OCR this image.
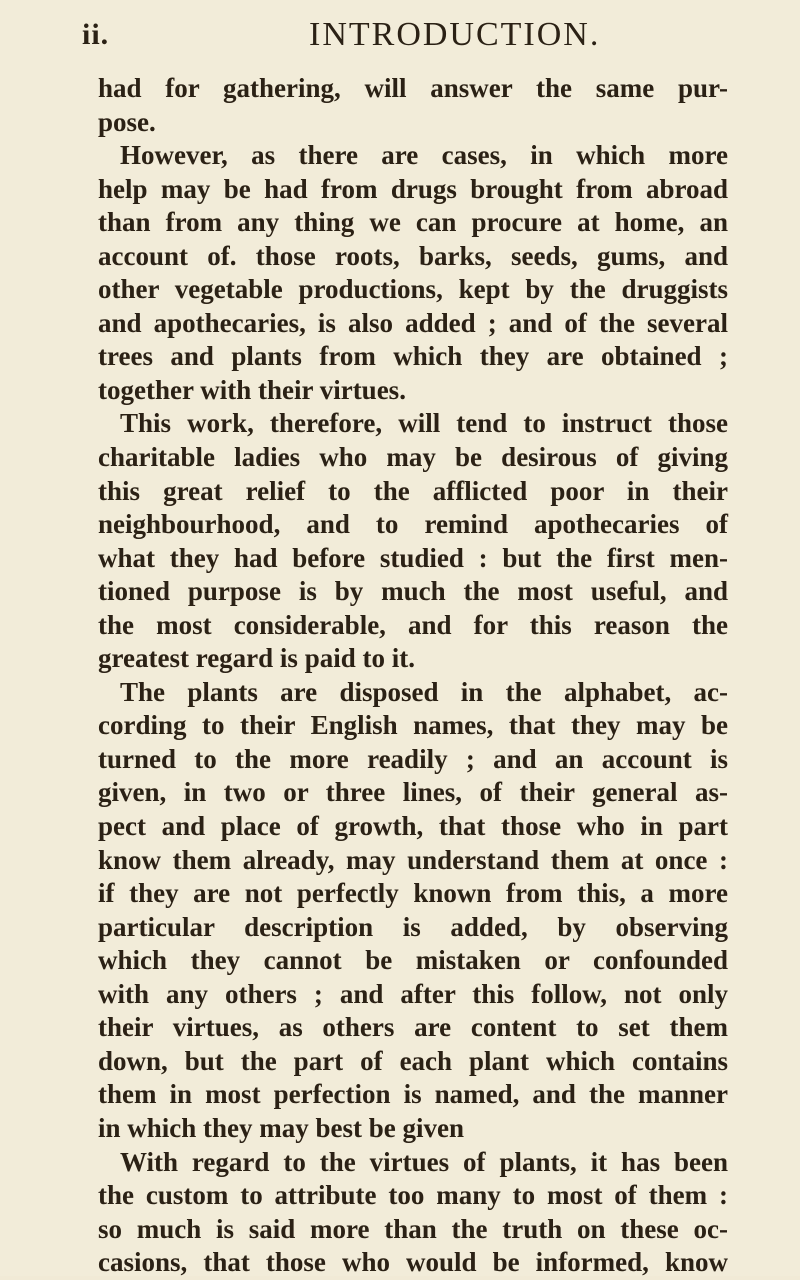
ii.	INTRODUCTION.
had for gathering, will answer the same pur-
pose.
However, as there are cases, in which more
help may be had from drugs brought from abroad
than from any thing we can procure at home, an
account of. those roots, barks, seeds, gums, and
other vegetable productions, kept by the druggists
and apothecaries, is also added ; and of the several
trees and plants from which they are obtained ;
together with their virtues.
This work, therefore, will tend to instruct those
charitable ladies who may be desirous of giving
this great relief to the afflicted poor in their
neighbourhood, and to remind apothecaries of
what they had before studied : but the first men-
tioned purpose is by much the most useful, and
the most considerable, and for this reason the
greatest regard is paid to it.
The plants are disposed in the alphabet, ac-
cording to their English names, that they may be
turned to the more readily ; and an account is
given, in two or three lines, of their general as-
pect and place of growth, that those who in part
know them already, may understand them at once :
if they are not perfectly known from this, a more
particular description is added, by observing
which they cannot be mistaken or confounded
with any others ; and after this follow, not only
their virtues, as others are content to set them
down, but the part of each plant which contains
them in most perfection is named, and the manner
in which they may best be given
With regard to the virtues of plants, it has been
the custom to attribute too many to most of them :
so much is said more than the truth on these oc-
casions, that those who would be informed, know
